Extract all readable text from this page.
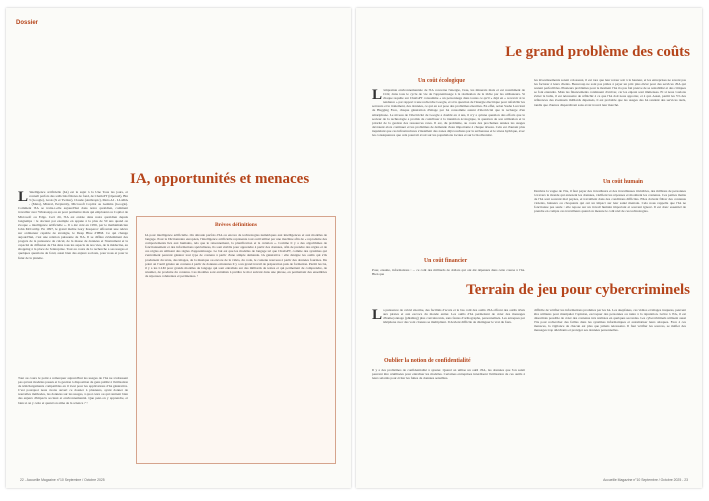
Dossier
IA, opportunités et menaces
L 'intelligence artificielle (IA) est le sujet à la Une Tous les jours, et connaît parfois des sollicités filtrées de fond, de ChatGPT (OpenAI), Bin 3 (Google), Grok (X et Twitter), Claude (Anthropic), Meta AI - LLaMA - (Meta), Mistral, Perplexity, Microsoft Copilot ou Gemma (Google). Comment l'IA se traite-t-elle aujourd'hui dans notre quotidien, comment travailler avec WhatsApp ou en pour permettre mais qui emploient ou Copilot de Microsoft ou Edge. Ceci dit, l'IA est entrée dans notre quotidien depuis longtemps : le docteur par exemple en appuie à la plus de 50 ans quand on évoque « intelligence artificielle ». Il a été créé en 1956, par le mathématicien John McCarthy. En 1997, le grand maître Gary Kasparov affrontait une relève sur ordinateur capable de stratégie, le Deep Blue d'IBM. Ce qui change aujourd'hui, c'est une relation puissante de l'IA. Il se diffère évidemment des progrès de la puissance de calcul, de la masse de données et l'instrument et la capacité de diffusion de l'IA dans tous les aspects de nos vies, de la médecine, au shopping à la place de l'entreprise. Tout au cours de la recherche a ses usages et quelques questions de fond, aussi bien des enjeux sociaux, pour nous et pour le futur de la planète.
Tout au cours le point a remarquer aujourd'hui les usages de l'IA ne s'adressent pas qu'aux modèles passés et la gestion à disposition de gens publié à l'utilisation de téléchargements compatibles en il n'est pour les applications d'IA générative. C'est pourquoi nous avons ouvert ce dossier à plusieurs, ayant donner de nouvelles méthodes, les données sur les usages, à quoi ceux ou qui rentrent bien des enjeux d'impacts sociaux et environnemental. Que peut-on y apprendre, et bien si on y cette et quand on aime de la science ? •
Brèves définitions
IA pour intelligence artificielle. On déroule parfois d'IA ou encore de technologies numériques aux intelligences et aux modèles de langage. Pour le Dictionnaire européen, l'intelligence artificielle représente tout outil utilisé par une machine afin de « reproduire des comportements liés aux humains, tels que le raisonnement, la planification et la création ». Comme il y a des algorithmes de fonctionnement et des informations spécialisées, ils sont établis pour apprendre à partir des données, afin de prendre des règles et de ces règles en utilisant des règles d'apprentissage. Le but est que les modèles de langage tel que ChatGPT, comme des systèmes qui s'entraînent peuvent générer tout type de contenu à partir d'une simple demande. IA générative : elle désigne les outils qui s'ils produisent du texte, des images, de la musique ou encore de la vidéo, du code, le contenu nouveau à partir des données fournies. Du point où l'outil génère un contenu à partir de données existantes il y a un grand travail de préparation puis de formation. Parmi les IA, il y a les LLM pour grands modèles de langage qui sont entraînés sur des milliards de textes et qui permettent de comprendre, de résumer, de produire du contenu. Ces modèles sont entraînés à prédire le mot suivant dans une phrase, en permettant des ensembles de réponses cohérentes et pertinentes. •
22 - Accueille Magazine n°10 Septembre / Octobre 2025
Le grand problème des coûts
Un coût écologique
L 'empreinte environnementale de l'IA concerne l'énergie, l'eau, les minerais mais et est notamment de CO2, dans tous le cycle de vie de l'apprentissage à la réalisation de la tâche par les utilisateurs. Si chaque requête sur ChatGPT consomme « un personnage dans toutes ce qu'il » déjà en « recevoir si le tendance » par rapport à une recherche Google, et si la question de l'énergie électrique pour rafraîchir les serveurs et le traitement, des données, ce qui en soi pose des problèmes énormes. En effet, selon Sasha Luccioni de Hugging Face, chaque génération d'image par IA consomme autant d'électricité que la recharge d'un smartphone. Le niveau de l'électricité de Google a doublé en 4 ans, il n'y a qu'une question des efforts que le secteur de la technologie a promis de contribuer à la transition écologique, la question de son utilisation et la priorité de la gestion des ressources rares. Il est, du problème, au cours des prochaines années les usages devraient alors continuer et les problèmes de demande d'eau importante à chaque niveau. Cela est d'autant plus inquiétant que ces infrastructures s'installent des zones déjà touchées par la sécheresse et le stress hydrique, avec les conséquences que cela pourrait avoir sur les populations locales et sur la biodiversité.
Un coût financier
Pour, ensuite, informations : ... ce coût des milliards de dollars qui ont été dépensés dans cette course à l'IA. Bien que
les investissements soient colossaux, il est rare que leur retour soit à la hauteur, et les entreprises ne savent pas les facturer à leurs clients. Beaucoup ne sont pas prêtes à payer un prix plus élevé pour des services d'IA qui restent perfectibles. Plusieurs problèmes pour le moment l'IA n'a pas fait preuve de sa rentabilité et des critiques se font entendre. Mais les financements continuent d'arriver, car les enjeux sont immenses. Et si nous voulons éviter la bulle, il est nécessaire de réfléchir à ce que l'IA doit nous apporter, et à qui. Aussi, parmi les 5% des références des éventuels milliards dépensés, il est probable que les usages des IA rendent des services réels, tandis que d'autres disparaîtront sans avoir trouvé leur marché.
Un coût humain
Derrière la vague de l'IA, il faut payer des travailleurs et des travailleuses invisibles, des millions de personnes à travers le monde qui annotent les données, vérifient les réponses et modèrent les contenus. Ces petites mains de l'IA sont souvent mal payées, et travaillent dans des conditions difficiles. Elles doivent filtrer des contenus violents, haineux ou choquants qui ont un impact sur leur santé mentale. Cela nous rappelle que l'IA ne fonctionne pas seule : elle repose sur un travail humain important et souvent ignoré. Il est donc essentiel de prendre en compte ces travailleurs quand on mesure le coût réel de ces technologies.
Terrain de jeu pour cybercriminels
La puissance de calcul énorme, des facilités d'accès et le bas coût des outils d'IA offrent des outils rêvés aux pirates et aux escrocs du monde entier. Les outils d'IA permettent de créer des messages d'hameçonnage (phishing) plus convaincants, sans fautes d'orthographe, personnalisés. Les arnaques par téléphone avec des voix clonées se multiplient. Il devient difficile de distinguer le vrai du faux.
Oublier la notion de confidentialité
Il y a des problèmes de confidentialité à ajouter. Quand on utilise un outil d'IA, les données que l'on saisit peuvent être réutilisées pour entraîner les modèles. Certaines entreprises interdisent l'utilisation de ces outils à leurs salariés pour éviter les fuites de données sensibles.
difficile de vérifier les informations produites par les IA. Les deepfakes, ces vidéos et images truquées, peuvent être utilisées pour manipuler l'opinion, escroquer des personnes ou nuire à la réputation. Grâce à l'IA, il est désormais possible de créer des contenus très réalistes en quelques secondes. Les cybercriminels utilisent aussi l'IA pour rechercher des failles dans les systèmes informatiques et automatiser leurs attaques. Face à ces menaces, la vigilance de chacun est plus que jamais nécessaire. Il faut vérifier les sources, se méfier des messages trop alléchants et protéger ses données personnelles.
Accueille Magazine n°10 Septembre / Octobre 2025 - 23
